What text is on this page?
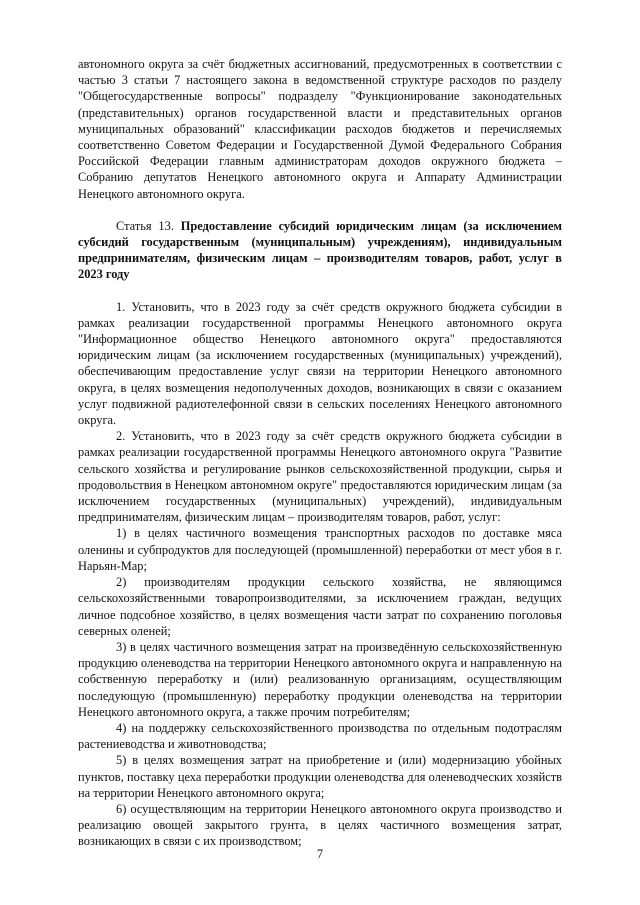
автономного округа за счёт бюджетных ассигнований, предусмотренных в соответствии с частью 3 статьи 7 настоящего закона в ведомственной структуре расходов по разделу "Общегосударственные вопросы" подразделу "Функционирование законодательных (представительных) органов государственной власти и представительных органов муниципальных образований" классификации расходов бюджетов и перечисляемых соответственно Советом Федерации и Государственной Думой Федерального Собрания Российской Федерации главным администраторам доходов окружного бюджета – Собранию депутатов Ненецкого автономного округа и Аппарату Администрации Ненецкого автономного округа.

Статья 13. Предоставление субсидий юридическим лицам (за исключением субсидий государственным (муниципальным) учреждениям), индивидуальным предпринимателям, физическим лицам – производителям товаров, работ, услуг в 2023 году

1. Установить, что в 2023 году за счёт средств окружного бюджета субсидии в рамках реализации государственной программы Ненецкого автономного округа "Информационное общество Ненецкого автономного округа" предоставляются юридическим лицам (за исключением государственных (муниципальных) учреждений), обеспечивающим предоставление услуг связи на территории Ненецкого автономного округа, в целях возмещения недополученных доходов, возникающих в связи с оказанием услуг подвижной радиотелефонной связи в сельских поселениях Ненецкого автономного округа.

2. Установить, что в 2023 году за счёт средств окружного бюджета субсидии в рамках реализации государственной программы Ненецкого автономного округа "Развитие сельского хозяйства и регулирование рынков сельскохозяйственной продукции, сырья и продовольствия в Ненецком автономном округе" предоставляются юридическим лицам (за исключением государственных (муниципальных) учреждений), индивидуальным предпринимателям, физическим лицам – производителям товаров, работ, услуг:

1) в целях частичного возмещения транспортных расходов по доставке мяса оленины и субпродуктов для последующей (промышленной) переработки от мест убоя в г. Нарьян-Мар;

2) производителям продукции сельского хозяйства, не являющимся сельскохозяйственными товаропроизводителями, за исключением граждан, ведущих личное подсобное хозяйство, в целях возмещения части затрат по сохранению поголовья северных оленей;

3) в целях частичного возмещения затрат на произведённую сельскохозяйственную продукцию оленеводства на территории Ненецкого автономного округа и направленную на собственную переработку и (или) реализованную организациям, осуществляющим последующую (промышленную) переработку продукции оленеводства на территории Ненецкого автономного округа, а также прочим потребителям;

4) на поддержку сельскохозяйственного производства по отдельным подотраслям растениеводства и животноводства;

5) в целях возмещения затрат на приобретение и (или) модернизацию убойных пунктов, поставку цеха переработки продукции оленеводства для оленеводческих хозяйств на территории Ненецкого автономного округа;

6) осуществляющим на территории Ненецкого автономного округа производство и реализацию овощей закрытого грунта, в целях частичного возмещения затрат, возникающих в связи с их производством;

7
